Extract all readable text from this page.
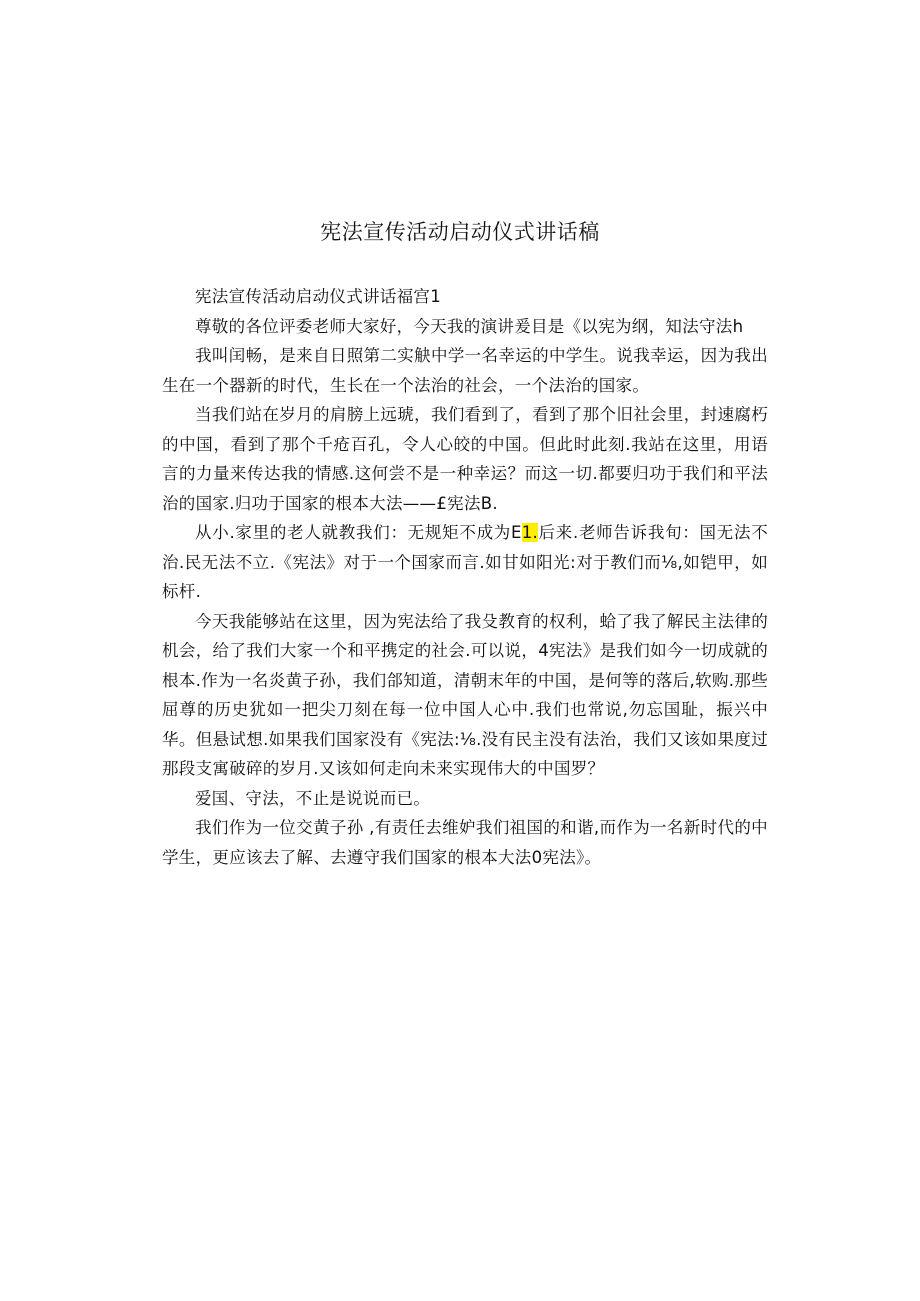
宪法宣传活动启动仪式讲话稿

宪法宣传活动启动仪式讲话福宫1

尊敬的各位评委老师大家好，今天我的演讲爰目是《以宪为纲，知法守法h

我叫闰畅，是来自日照第二实觖中学一名幸运的中学生。说我幸运，因为我出生在一个器新的时代，生长在一个法治的社会，一个法治的国家。

当我们站在岁月的肩膀上远琥，我们看到了，看到了那个旧社会里，封速腐朽的中国，看到了那个千疮百孔，令人心皎的中国。但此时此刻.我站在这里，用语言的力量来传达我的情感.这何尝不是一种幸运？而这一切.都要归功于我们和平法治的国家.归功于国家的根本大法——£宪法B.

从小.家里的老人就教我们：无规矩不成为E1.后来.老师告诉我旬：国无法不治.民无法不立.《宪法》对于一个国家而言.如甘如阳光:对于教们而⅛,如铠甲，如标杆.

今天我能够站在这里，因为宪法给了我殳教育的权利，蛤了我了解民主法律的机会，给了我们大家一个和平携定的社会.可以说，4宪法》是我们如今一切成就的根本.作为一名炎黄子孙，我们郃知道，清朝末年的中国，是何等的落后,软购.那些屈尊的历史犹如一把尖刀刻在每一位中国人心中.我们也常说,勿忘国耻，振兴中华。但悬试想.如果我们国家没有《宪法:⅛.没有民主没有法治，我们又该如果度过那段支寓破碎的岁月.又该如何走向未来实现伟大的中国罗？

爱国、守法，不止是说说而已。

我们作为一位交黄子孙 ,有责任去维妒我们祖国的和谐,而作为一名新时代的中学生，更应该去了解、去遵守我们国家的根本大法0宪法》。
